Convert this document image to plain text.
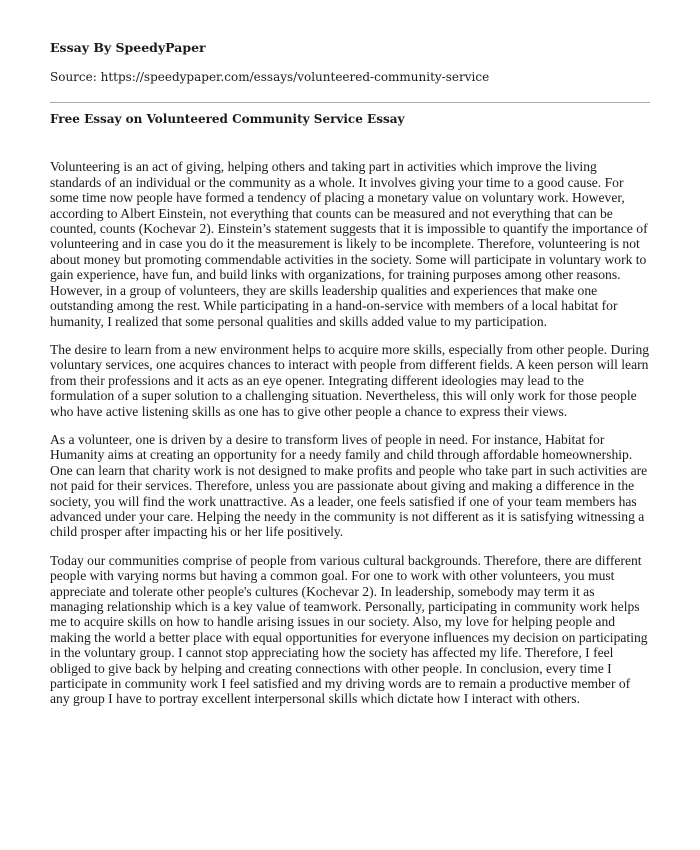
Essay By SpeedyPaper
Source: https://speedypaper.com/essays/volunteered-community-service
Free Essay on Volunteered Community Service Essay

Volunteering is an act of giving, helping others and taking part in activities which improve the living standards of an individual or the community as a whole. It involves giving your time to a good cause. For some time now people have formed a tendency of placing a monetary value on voluntary work. However, according to Albert Einstein, not everything that counts can be measured and not everything that can be counted, counts (Kochevar 2). Einstein’s statement suggests that it is impossible to quantify the importance of volunteering and in case you do it the measurement is likely to be incomplete. Therefore, volunteering is not about money but promoting commendable activities in the society. Some will participate in voluntary work to gain experience, have fun, and build links with organizations, for training purposes among other reasons. However, in a group of volunteers, they are skills leadership qualities and experiences that make one outstanding among the rest. While participating in a hand-on-service with members of a local habitat for humanity, I realized that some personal qualities and skills added value to my participation.

The desire to learn from a new environment helps to acquire more skills, especially from other people. During voluntary services, one acquires chances to interact with people from different fields. A keen person will learn from their professions and it acts as an eye opener. Integrating different ideologies may lead to the formulation of a super solution to a challenging situation. Nevertheless, this will only work for those people who have active listening skills as one has to give other people a chance to express their views.

As a volunteer, one is driven by a desire to transform lives of people in need. For instance, Habitat for Humanity aims at creating an opportunity for a needy family and child through affordable homeownership. One can learn that charity work is not designed to make profits and people who take part in such activities are not paid for their services. Therefore, unless you are passionate about giving and making a difference in the society, you will find the work unattractive. As a leader, one feels satisfied if one of your team members has advanced under your care. Helping the needy in the community is not different as it is satisfying witnessing a child prosper after impacting his or her life positively.

Today our communities comprise of people from various cultural backgrounds. Therefore, there are different people with varying norms but having a common goal. For one to work with other volunteers, you must appreciate and tolerate other people's cultures (Kochevar 2). In leadership, somebody may term it as managing relationship which is a key value of teamwork. Personally, participating in community work helps me to acquire skills on how to handle arising issues in our society. Also, my love for helping people and making the world a better place with equal opportunities for everyone influences my decision on participating in the voluntary group. I cannot stop appreciating how the society has affected my life. Therefore, I feel obliged to give back by helping and creating connections with other people. In conclusion, every time I participate in community work I feel satisfied and my driving words are to remain a productive member of any group I have to portray excellent interpersonal skills which dictate how I interact with others.
